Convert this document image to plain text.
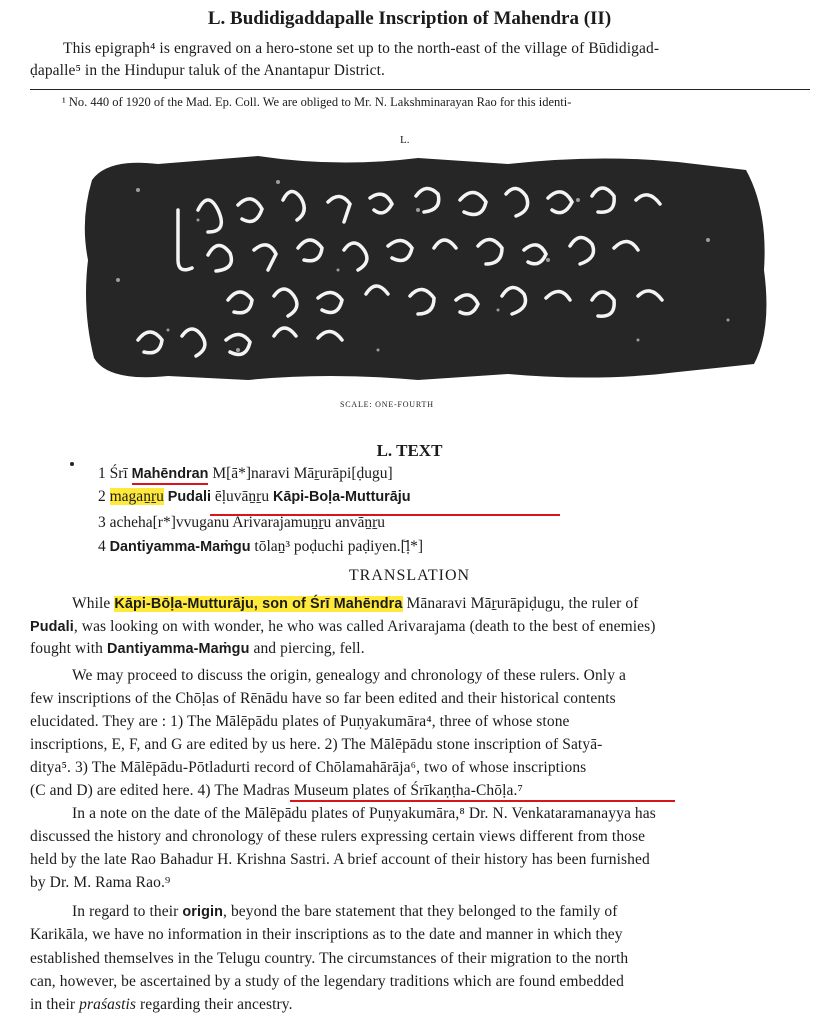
L. Budidigaddapalle Inscription of Mahendra (II)
This epigraph⁴ is engraved on a hero-stone set up to the north-east of the village of Būdidigad-
ḍapalle⁵ in the Hindupur taluk of the Anantapur District.
¹ No. 440 of 1920 of the Mad. Ep. Coll. We are obliged to Mr. N. Lakshminarayan Rao for this identi-
L.
SCALE: ONE-FOURTH
L. TEXT
1 Śrī Mahēndran M[ā*]naravi Māṟurāpi[ḍugu]
2 magaṉṟu Pudali ēḷuvāṉṟu Kāpi-Boḷa-Mutturāju
3 acheha[r*]vvuganu Arivarajamuṉṟu anvāṉṟu
4 Dantiyamma-Maṁgu tōlaṉ³ poḍuchi paḍiyen.[̄ḷ*]
TRANSLATION
While Kāpi-Bōḷa-Mutturāju, son of Śrī Mahēndra Mānaravi Māṟurāpiḍugu, the ruler of
Pudali, was looking on with wonder, he who was called Arivarajama (death to the best of enemies)
fought with Dantiyamma-Maṁgu and piercing, fell.
We may proceed to discuss the origin, genealogy and chronology of these rulers. Only a
few inscriptions of the Chōḷas of Rēnādu have so far been edited and their historical contents
elucidated. They are : 1) The Mālēpādu plates of Puṇyakumāra⁴, three of whose stone
inscriptions, E, F, and G are edited by us here. 2) The Mālēpādu stone inscription of Satyā-
ditya⁵. 3) The Mālēpādu-Pōtladurti record of Chōlamahārāja⁶, two of whose inscriptions
(C and D) are edited here. 4) The Madras Museum plates of Śrīkaṇṭha-Chōḷa.⁷
In a note on the date of the Mālēpādu plates of Puṇyakumāra,⁸ Dr. N. Venkataramanayya has
discussed the history and chronology of these rulers expressing certain views different from those
held by the late Rao Bahadur H. Krishna Sastri. A brief account of their history has been furnished
by Dr. M. Rama Rao.⁹
In regard to their origin, beyond the bare statement that they belonged to the family of
Karikāla, we have no information in their inscriptions as to the date and manner in which they
established themselves in the Telugu country. The circumstances of their migration to the north
can, however, be ascertained by a study of the legendary traditions which are found embedded
in their praśastis regarding their ancestry.
